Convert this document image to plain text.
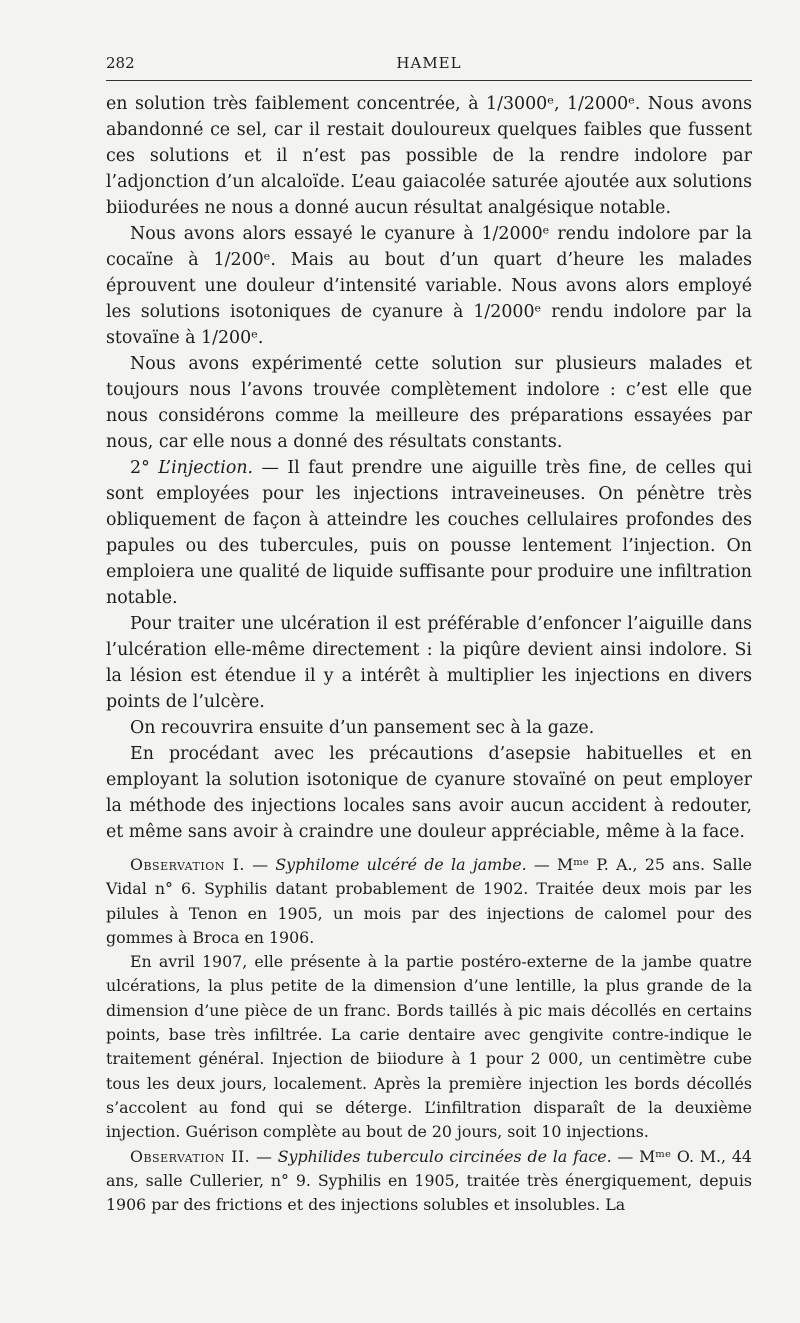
282	HAMEL

en solution très faiblement concentrée, à 1/3000ᵉ, 1/2000ᵉ. Nous avons abandonné ce sel, car il restait douloureux quelques faibles que fussent ces solutions et il n’est pas possible de la rendre indolore par l’adjonction d’un alcaloïde. L’eau gaiacolée saturée ajoutée aux solutions biiodurées ne nous a donné aucun résultat analgésique notable.

Nous avons alors essayé le cyanure à 1/2000ᵉ rendu indolore par la cocaïne à 1/200ᵉ. Mais au bout d’un quart d’heure les malades éprouvent une douleur d’intensité variable. Nous avons alors employé les solutions isotoniques de cyanure à 1/2000ᵉ rendu indolore par la stovaïne à 1/200ᵉ.

Nous avons expérimenté cette solution sur plusieurs malades et toujours nous l’avons trouvée complètement indolore : c’est elle que nous considérons comme la meilleure des préparations essayées par nous, car elle nous a donné des résultats constants.

2° L’injection. — Il faut prendre une aiguille très fine, de celles qui sont employées pour les injections intraveineuses. On pénètre très obliquement de façon à atteindre les couches cellulaires profondes des papules ou des tubercules, puis on pousse lentement l’injection. On emploiera une qualité de liquide suffisante pour produire une infiltration notable.

Pour traiter une ulcération il est préférable d’enfoncer l’aiguille dans l’ulcération elle-même directement : la piqûre devient ainsi indolore. Si la lésion est étendue il y a intérêt à multiplier les injections en divers points de l’ulcère.

On recouvrira ensuite d’un pansement sec à la gaze.

En procédant avec les précautions d’asepsie habituelles et en employant la solution isotonique de cyanure stovaïné on peut employer la méthode des injections locales sans avoir aucun accident à redouter, et même sans avoir à craindre une douleur appréciable, même à la face.

Observation I. — Syphilome ulcéré de la jambe. — Mᵐᵉ P. A., 25 ans. Salle Vidal n° 6. Syphilis datant probablement de 1902. Traitée deux mois par les pilules à Tenon en 1905, un mois par des injections de calomel pour des gommes à Broca en 1906.

En avril 1907, elle présente à la partie postéro-externe de la jambe quatre ulcérations, la plus petite de la dimension d’une lentille, la plus grande de la dimension d’une pièce de un franc. Bords taillés à pic mais décollés en certains points, base très infiltrée. La carie dentaire avec gengivite contre-indique le traitement général. Injection de biiodure à 1 pour 2 000, un centimètre cube tous les deux jours, localement. Après la première injection les bords décollés s’accolent au fond qui se déterge. L’infiltration disparaît de la deuxième injection. Guérison complète au bout de 20 jours, soit 10 injections.

Observation II. — Syphilides tuberculo circinées de la face. — Mᵐᵉ O. M., 44 ans, salle Cullerier, n° 9. Syphilis en 1905, traitée très énergiquement, depuis 1906 par des frictions et des injections solubles et insolubles. La
